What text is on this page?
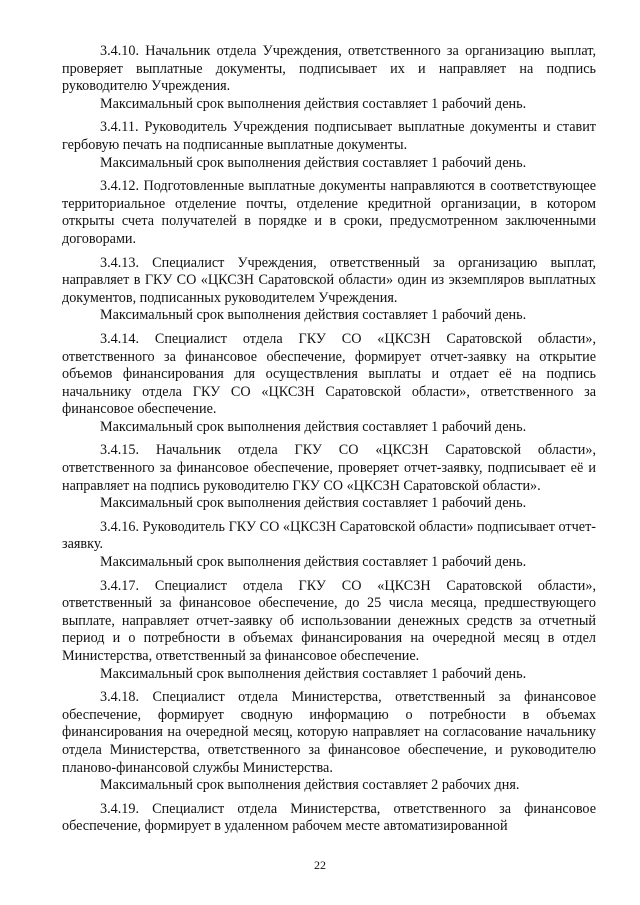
3.4.10. Начальник отдела Учреждения, ответственного за организацию выплат, проверяет выплатные документы, подписывает их и направляет на подпись руководителю Учреждения.

Максимальный срок выполнения действия составляет 1 рабочий день.

3.4.11. Руководитель Учреждения подписывает выплатные документы и ставит гербовую печать на подписанные выплатные документы.

Максимальный срок выполнения действия составляет 1 рабочий день.

3.4.12. Подготовленные выплатные документы направляются в соответствующее территориальное отделение почты, отделение кредитной организации, в котором открыты счета получателей в порядке и в сроки, предусмотренном заключенными договорами.

3.4.13. Специалист Учреждения, ответственный за организацию выплат, направляет в ГКУ СО «ЦКСЗН Саратовской области» один из экземпляров выплатных документов, подписанных руководителем Учреждения.

Максимальный срок выполнения действия составляет 1 рабочий день.

3.4.14. Специалист отдела ГКУ СО «ЦКСЗН Саратовской области», ответственного за финансовое обеспечение, формирует отчет-заявку на открытие объемов финансирования для осуществления выплаты и отдает её на подпись начальнику отдела ГКУ СО «ЦКСЗН Саратовской области», ответственного за финансовое обеспечение.

Максимальный срок выполнения действия составляет 1 рабочий день.

3.4.15. Начальник отдела ГКУ СО «ЦКСЗН Саратовской области», ответственного за финансовое обеспечение, проверяет отчет-заявку, подписывает её и направляет на подпись руководителю ГКУ СО «ЦКСЗН Саратовской области».

Максимальный срок выполнения действия составляет 1 рабочий день.

3.4.16. Руководитель ГКУ СО «ЦКСЗН Саратовской области» подписывает отчет-заявку.

Максимальный срок выполнения действия составляет 1 рабочий день.

3.4.17. Специалист отдела ГКУ СО «ЦКСЗН Саратовской области», ответственный за финансовое обеспечение, до 25 числа месяца, предшествующего выплате, направляет отчет-заявку об использовании денежных средств за отчетный период и о потребности в объемах финансирования на очередной месяц в отдел Министерства, ответственный за финансовое обеспечение.

Максимальный срок выполнения действия составляет 1 рабочий день.

3.4.18. Специалист отдела Министерства, ответственный за финансовое обеспечение, формирует сводную информацию о потребности в объемах финансирования на очередной месяц, которую направляет на согласование начальнику отдела Министерства, ответственного за финансовое обеспечение, и руководителю планово-финансовой службы Министерства.

Максимальный срок выполнения действия составляет 2 рабочих дня.

3.4.19. Специалист отдела Министерства, ответственного за финансовое обеспечение, формирует в удаленном рабочем месте автоматизированной

22
